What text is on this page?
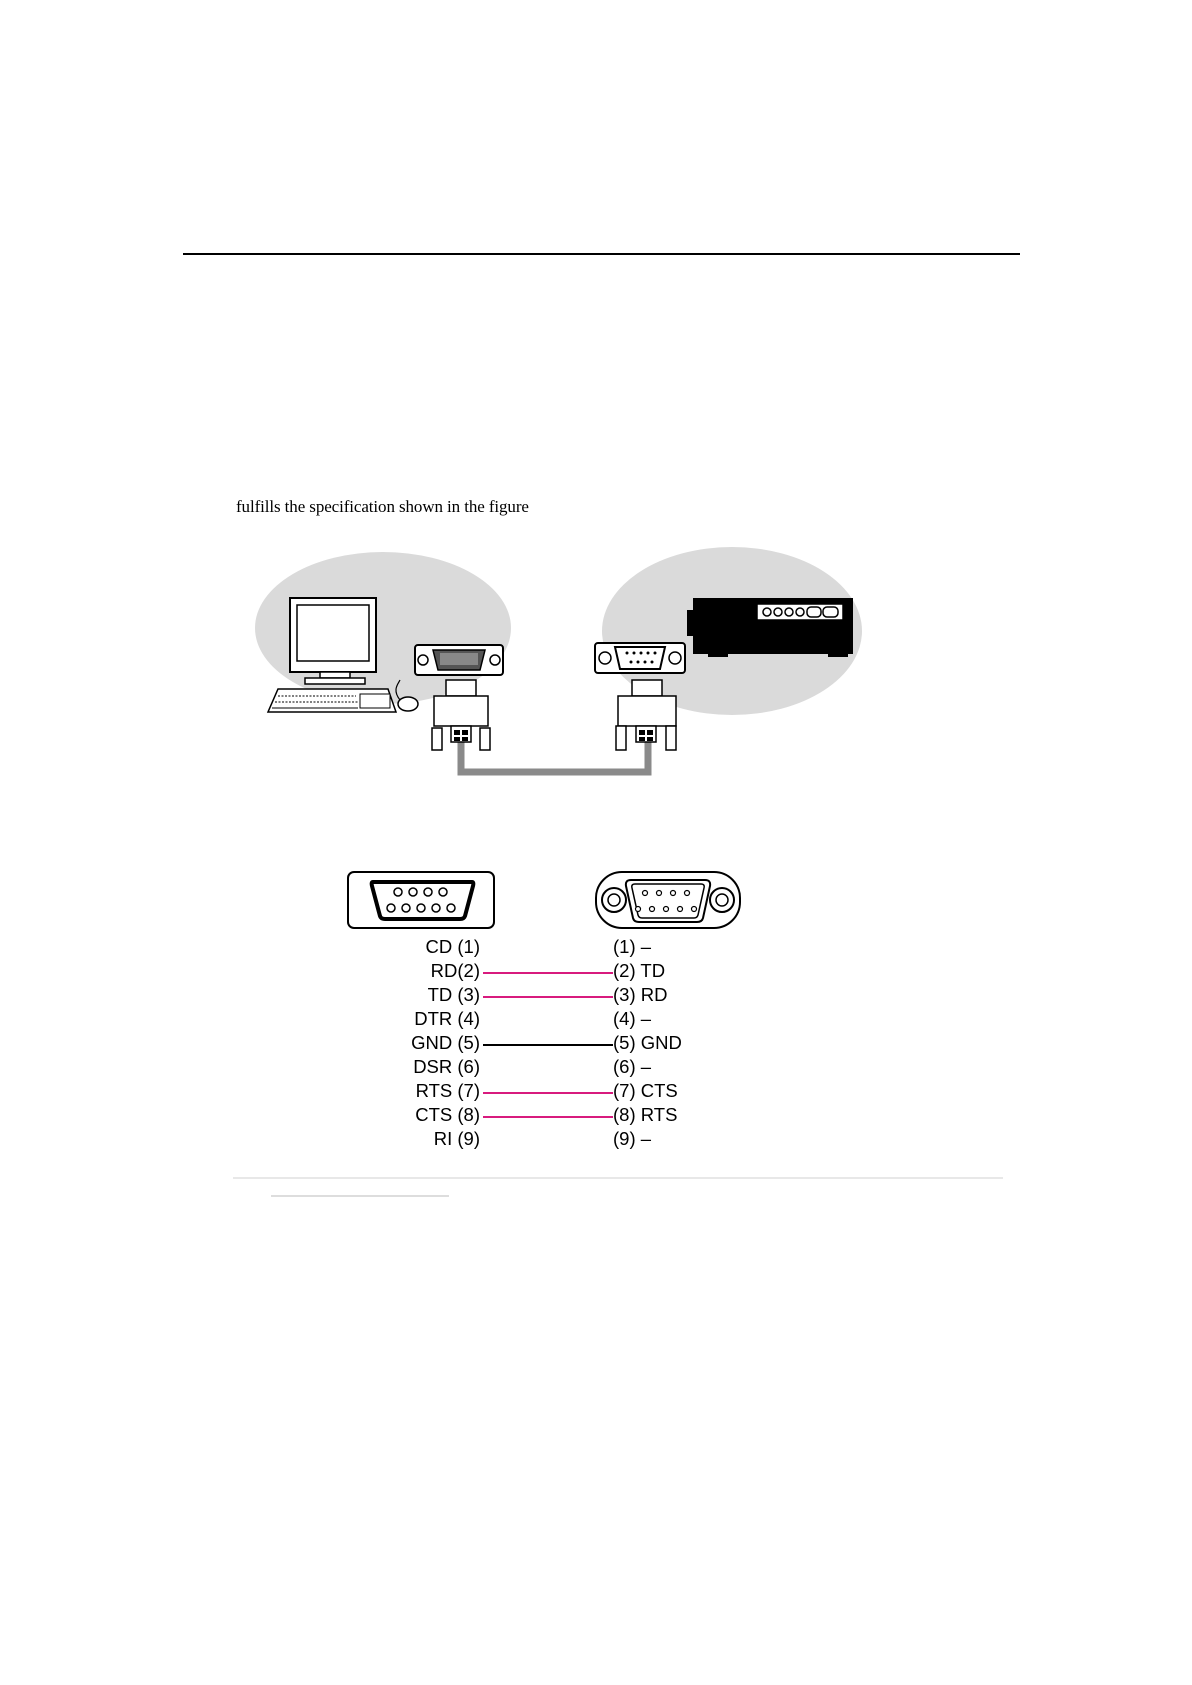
fulfills the specification shown in the figure
CD (1)	(1) –
RD(2)	(2) TD
TD (3)	(3) RD
DTR (4)	(4) –
GND (5)	(5) GND
DSR (6)	(6) –
RTS (7)	(7) CTS
CTS (8)	(8) RTS
RI (9)	(9) –
